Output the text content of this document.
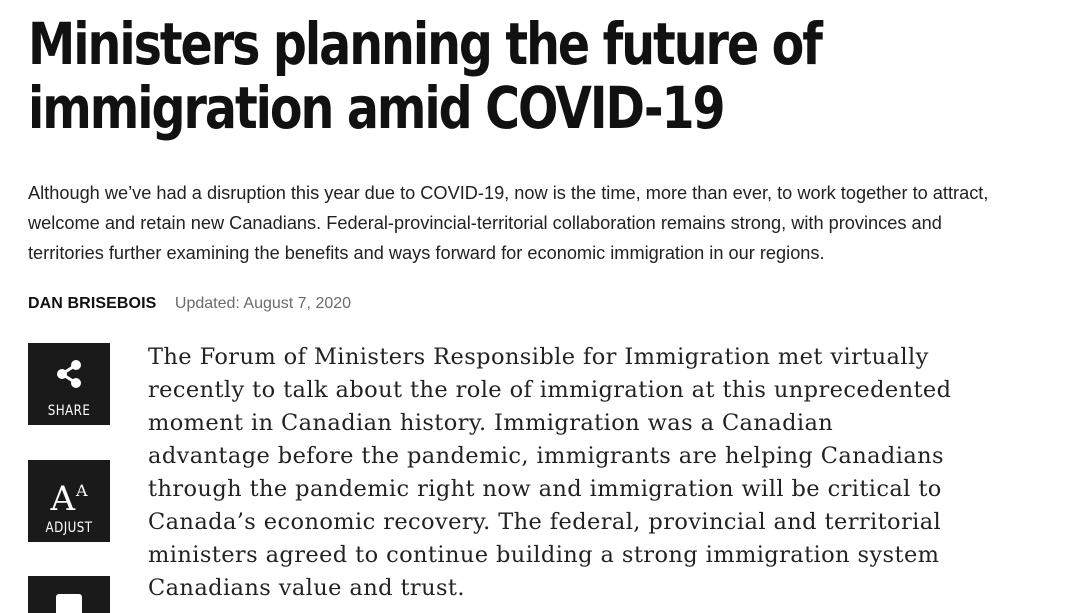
Ministers planning the future of
immigration amid COVID-19

Although we’ve had a disruption this year due to COVID-19, now is the time, more than ever, to work together to attract,
welcome and retain new Canadians. Federal-provincial-territorial collaboration remains strong, with provinces and
territories further examining the benefits and ways forward for economic immigration in our regions.

DAN BRISEBOIS Updated: August 7, 2020
SHARE
$A^A$
ADJUST
The Forum of Ministers Responsible for Immigration met virtually
recently to talk about the role of immigration at this unprecedented
moment in Canadian history. Immigration was a Canadian
advantage before the pandemic, immigrants are helping Canadians
through the pandemic right now and immigration will be critical to
Canada’s economic recovery. The federal, provincial and territorial
ministers agreed to continue building a strong immigration system
Canadians value and trust.
